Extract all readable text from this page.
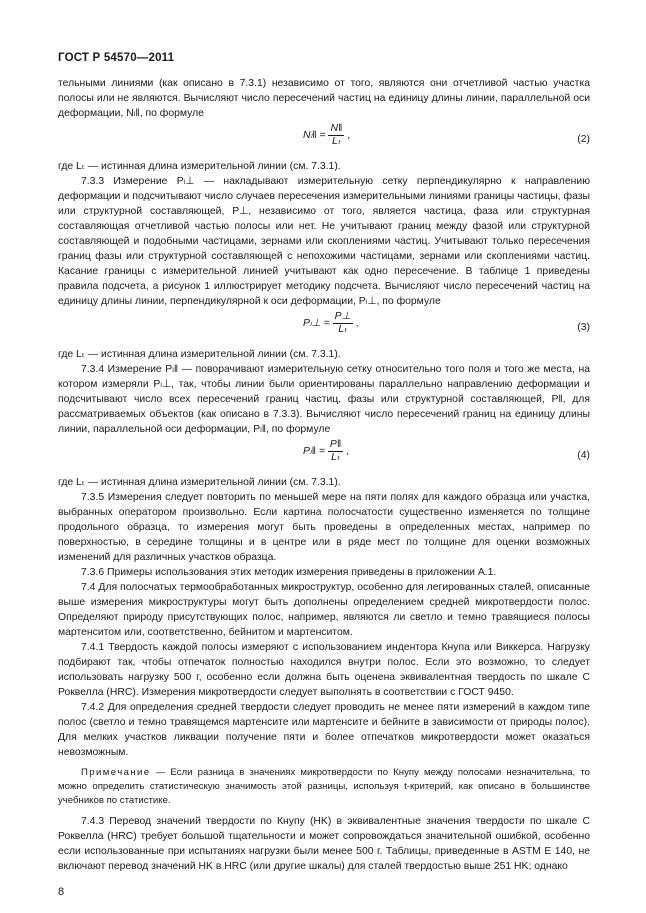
ГОСТ Р 54570—2011

тельными линиями (как описано в 7.3.1) независимо от того, являются они отчетливой частью участка полосы или не являются. Вычисляют число пересечений частиц на единицу длины линии, параллельной оси деформации, Nₗ‖, по формуле

Nₗ‖ = $\frac{N‖}{\text{Lₜ}}$ ,	(2)

где Lₜ — истинная длина измерительной линии (см. 7.3.1).

7.3.3 Измерение Pₗ⊥ — накладывают измерительную сетку перпендикулярно к направлению деформации и подсчитывают число случаев пересечения измерительными линиями границы частицы, фазы или структурной составляющей, P⊥, независимо от того, является частица, фаза или структурная составляющая отчетливой частью полосы или нет. Не учитывают границ между фазой или структурной составляющей и подобными частицами, зернами или скоплениями частиц. Учитывают только пересечения границ фазы или структурной составляющей с непохожими частицами, зернами или скоплениями частиц. Касание границы с измерительной линией учитывают как одно пересечение. В таблице 1 приведены правила подсчета, а рисунок 1 иллюстрирует методику подсчета. Вычисляют число пересечений частиц на единицу длины линии, перпендикулярной к оси деформации, Pₗ⊥, по формуле

Pₗ⊥ = $\frac{P\perp}{\text{Lₜ}}$ ,	(3)

где Lₜ — истинная длина измерительной линии (см. 7.3.1).

7.3.4 Измерение Pₗ‖ — поворачивают измерительную сетку относительно того поля и того же места, на котором измеряли Pₗ⊥, так, чтобы линии были ориентированы параллельно направлению деформации и подсчитывают число всех пересечений границ частиц, фазы или структурной составляющей, P‖, для рассматриваемых объектов (как описано в 7.3.3). Вычисляют число пересечений границ на единицу длины линии, параллельной оси деформации, Pₗ‖, по формуле

Pₗ‖ = $\frac{P‖}{\text{Lₜ}}$ ,	(4)

где Lₜ — истинная длина измерительной линии (см. 7.3.1).

7.3.5 Измерения следует повторить по меньшей мере на пяти полях для каждого образца или участка, выбранных оператором произвольно. Если картина полосчатости существенно изменяется по толщине продольного образца, то измерения могут быть проведены в определенных местах, например по поверхностью, в середине толщины и в центре или в ряде мест по толщине для оценки возможных изменений для различных участков образца.

7.3.6 Примеры использования этих методик измерения приведены в приложении А.1.

7.4 Для полосчатых термообработанных микроструктур, особенно для легированных сталей, описанные выше измерения микроструктуры могут быть дополнены определением средней микротвердости полос. Определяют природу присутствующих полос, например, являются ли светло и темно травящиеся полосы мартенситом или, соответственно, бейнитом и мартенситом.

7.4.1 Твердость каждой полосы измеряют с использованием индентора Кнупа или Виккерса. Нагрузку подбирают так, чтобы отпечаток полностью находился внутри полос. Если это возможно, то следует использовать нагрузку 500 г, особенно если должна быть оценена эквивалентная твердость по шкале С Роквелла (HRC). Измерения микротвердости следует выполнять в соответствии с ГОСТ 9450.

7.4.2 Для определения средней твердости следует проводить не менее пяти измерений в каждом типе полос (светло и темно травящемся мартенсите или мартенсите и бейните в зависимости от природы полос). Для мелких участков ликвации получение пяти и более отпечатков микротвердости может оказаться невозможным.

Примечание — Если разница в значениях микротвердости по Кнупу между полосами незначительна, то можно определить статистическую значимость этой разницы, используя t-критерий, как описано в большинстве учебников по статистике.

7.4.3 Перевод значений твердости по Кнупу (HK) в эквивалентные значения твердости по шкале С Роквелла (HRC) требует большой тщательности и может сопровождаться значительной ошибкой, особенно если использованные при испытаниях нагрузки были менее 500 г. Таблицы, приведенные в ASTM E 140, не включают перевод значений HK в HRC (или другие шкалы) для сталей твердостью выше 251 HK; однако

8
